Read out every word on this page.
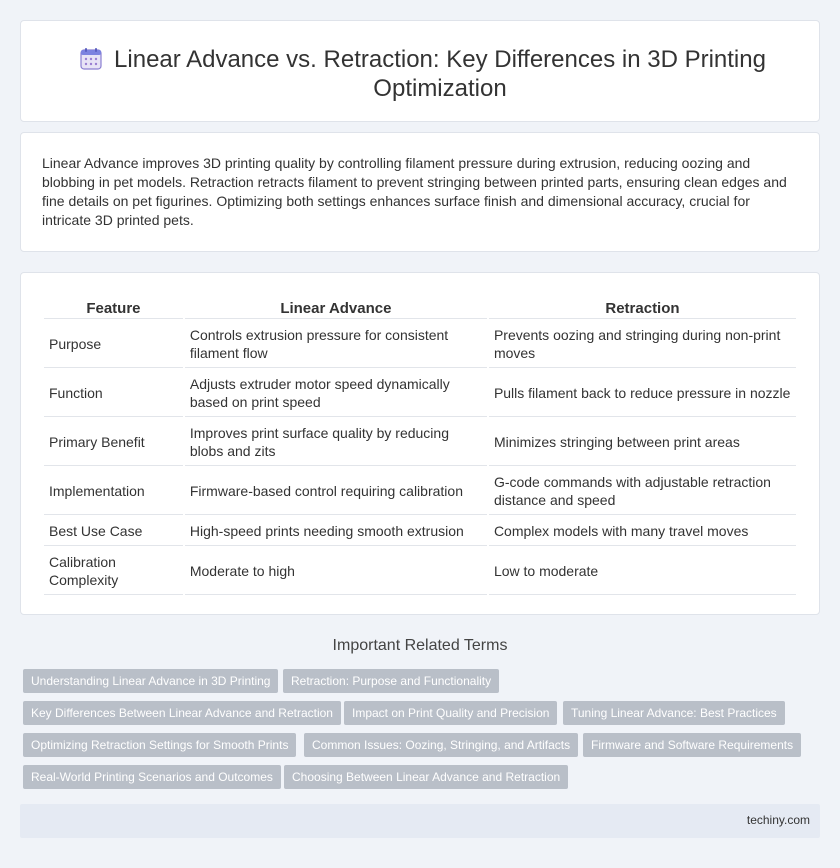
Linear Advance vs. Retraction: Key Differences in 3D Printing Optimization

Linear Advance improves 3D printing quality by controlling filament pressure during extrusion, reducing oozing and blobbing in pet models. Retraction retracts filament to prevent stringing between printed parts, ensuring clean edges and fine details on pet figurines. Optimizing both settings enhances surface finish and dimensional accuracy, crucial for intricate 3D printed pets.

Feature	Linear Advance	Retraction
Purpose	Controls extrusion pressure for consistent filament flow	Prevents oozing and stringing during non-print moves
Function	Adjusts extruder motor speed dynamically based on print speed	Pulls filament back to reduce pressure in nozzle
Primary Benefit	Improves print surface quality by reducing blobs and zits	Minimizes stringing between print areas
Implementation	Firmware-based control requiring calibration	G-code commands with adjustable retraction distance and speed
Best Use Case	High-speed prints needing smooth extrusion	Complex models with many travel moves
Calibration Complexity	Moderate to high	Low to moderate
Important Related Terms
Understanding Linear Advance in 3D Printing	Retraction: Purpose and Functionality
Key Differences Between Linear Advance and Retraction	Impact on Print Quality and Precision	Tuning Linear Advance: Best Practices
Optimizing Retraction Settings for Smooth Prints	Common Issues: Oozing, Stringing, and Artifacts	Firmware and Software Requirements
Real-World Printing Scenarios and Outcomes	Choosing Between Linear Advance and Retraction
techiny.com
